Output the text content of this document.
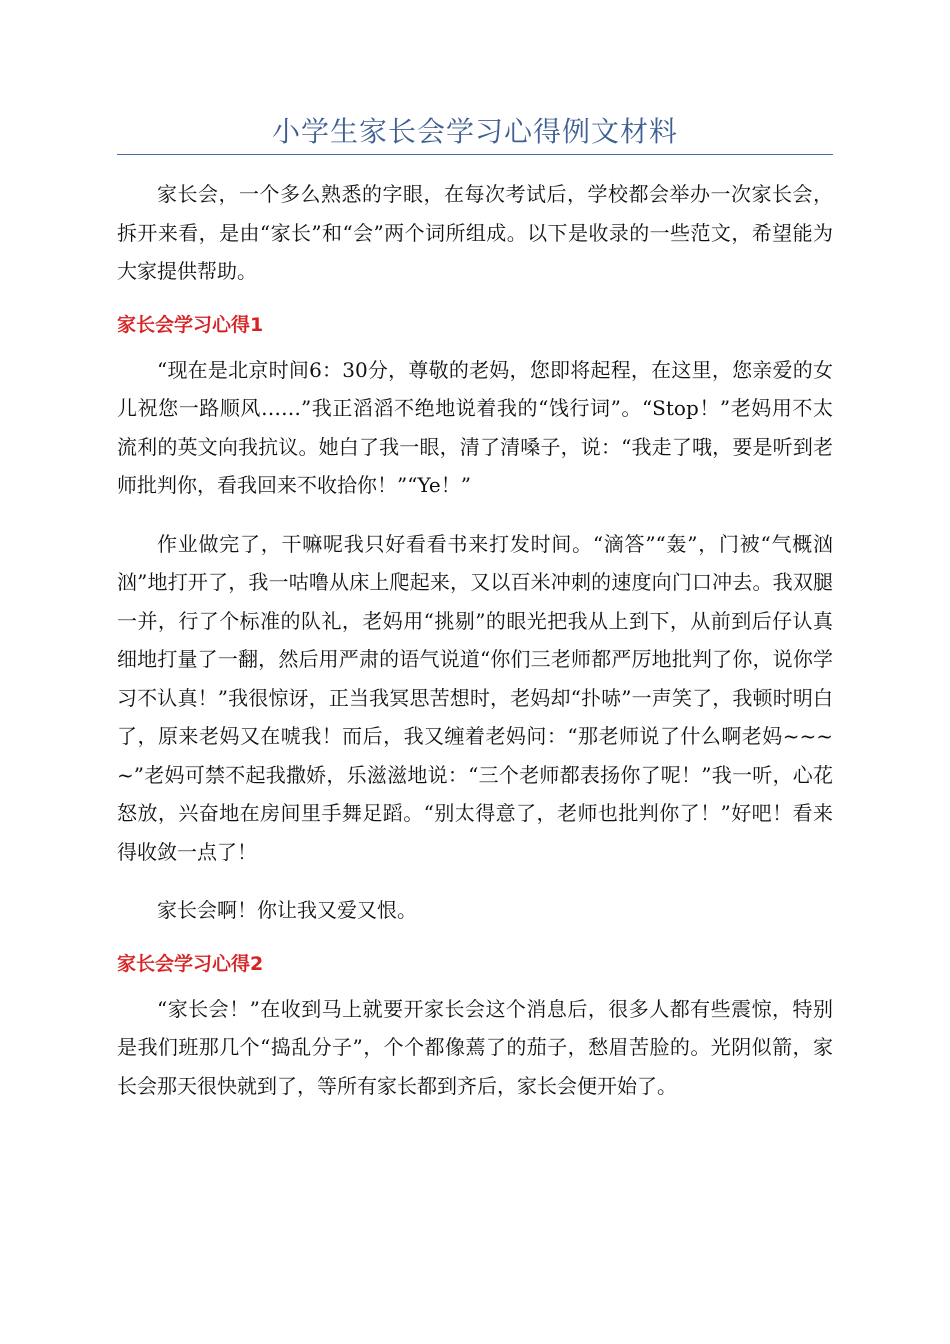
小学生家长会学习心得例文材料

家长会，一个多么熟悉的字眼，在每次考试后，学校都会举办一次家长会，拆开来看，是由“家长”和“会”两个词所组成。以下是收录的一些范文，希望能为大家提供帮助。

家长会学习心得1

“现在是北京时间6：30分，尊敬的老妈，您即将起程，在这里，您亲爱的女儿祝您一路顺风……”我正滔滔不绝地说着我的“饯行词”。“Stop！”老妈用不太流利的英文向我抗议。她白了我一眼，清了清嗓子，说：“我走了哦，要是听到老师批判你，看我回来不收拾你！”“Ye！”

作业做完了，干嘛呢我只好看看书来打发时间。“滴答”“轰”，门被“气概汹汹”地打开了，我一咕噜从床上爬起来，又以百米冲刺的速度向门口冲去。我双腿一并，行了个标准的队礼，老妈用“挑剔”的眼光把我从上到下，从前到后仔认真细地打量了一翻，然后用严肃的语气说道“你们三老师都严厉地批判了你，说你学习不认真！”我很惊讶，正当我冥思苦想时，老妈却“扑哧”一声笑了，我顿时明白了，原来老妈又在唬我！而后，我又缠着老妈问：“那老师说了什么啊老妈~~~~”老妈可禁不起我撒娇，乐滋滋地说：“三个老师都表扬你了呢！”我一听，心花怒放，兴奋地在房间里手舞足蹈。“别太得意了，老师也批判你了！”好吧！看来得收敛一点了！

家长会啊！你让我又爱又恨。

家长会学习心得2

“家长会！”在收到马上就要开家长会这个消息后，很多人都有些震惊，特别是我们班那几个“捣乱分子”，个个都像蔫了的茄子，愁眉苦脸的。光阴似箭，家长会那天很快就到了，等所有家长都到齐后，家长会便开始了。
